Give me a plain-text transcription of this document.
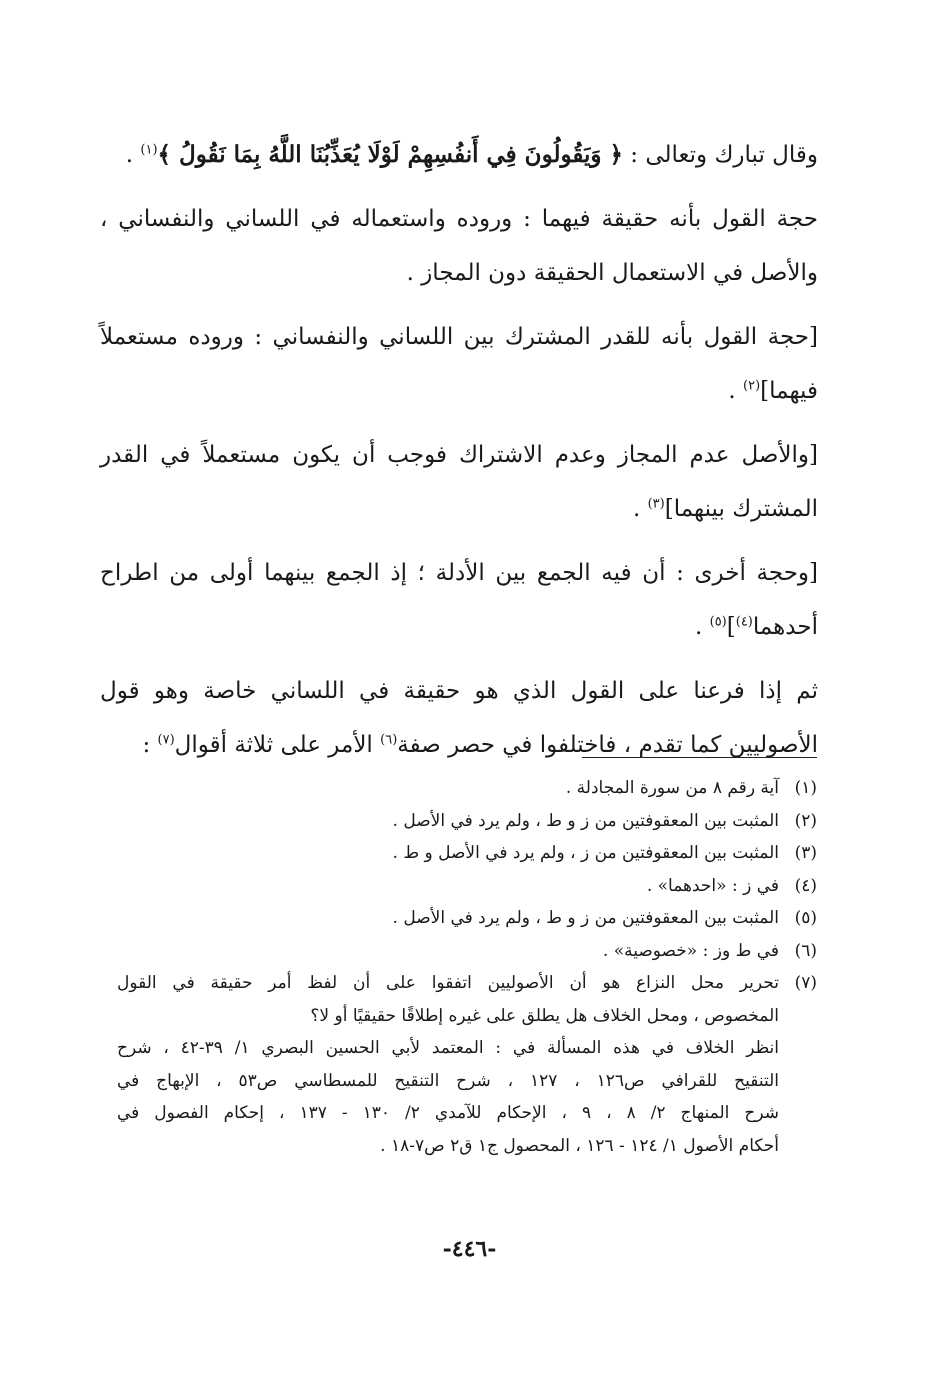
وقال تبارك وتعالى : ﴿ وَيَقُولُونَ فِي أَنفُسِهِمْ لَوْلَا يُعَذِّبُنَا اللَّهُ بِمَا نَقُولُ ﴾$^{(١)}$ .

حجة القول بأنه حقيقة فيهما : وروده واستعماله في اللساني والنفساني ،
والأصل في الاستعمال الحقيقة دون المجاز .

[حجة القول بأنه للقدر المشترك بين اللساني والنفساني : وروده مستعملاً
فيهما]$^{(٢)}$ .

[والأصل عدم المجاز وعدم الاشتراك فوجب أن يكون مستعملاً في القدر
المشترك بينهما]$^{(٣)}$ .

[وحجة أخرى : أن فيه الجمع بين الأدلة ؛ إذ الجمع بينهما أولى من اطراح
أحدهما$^{(٤)}$]$^{(٥)}$ .

ثم إذا فرعنا على القول الذي هو حقيقة في اللساني خاصة وهو قول
الأصوليين كما تقدم ، فاختلفوا في حصر صفة$^{(٦)}$ الأمر على ثلاثة أقوال$^{(٧)}$ :

(١)
آية رقم ٨ من سورة المجادلة .
(٢)
المثبت بين المعقوفتين من ز و ط ، ولم يرد في الأصل .
(٣)
المثبت بين المعقوفتين من ز ، ولم يرد في الأصل و ط .
(٤)
في ز : «احدهما» .
(٥)
المثبت بين المعقوفتين من ز و ط ، ولم يرد في الأصل .
(٦)
في ط وز : «خصوصية» .
(٧)
تحرير محل النزاع هو أن الأصوليين اتفقوا على أن لفظ أمر حقيقة في القول
المخصوص ، ومحل الخلاف هل يطلق على غيره إطلاقًا حقيقيًا أو لا؟
انظر الخلاف في هذه المسألة في : المعتمد لأبي الحسين البصري ١/ ٣٩-٤٢ ، شرح
التنقيح للقرافي ص١٢٦ ، ١٢٧ ، شرح التنقيح للمسطاسي ص٥٣ ، الإبهاج في
شرح المنهاج ٢/ ٨ ، ٩ ، الإحكام للآمدي ٢/ ١٣٠ - ١٣٧ ، إحكام الفصول في
أحكام الأصول ١/ ١٢٤ - ١٢٦ ، المحصول ج١ ق٢ ص٧-١٨ .
-٤٤٦-
